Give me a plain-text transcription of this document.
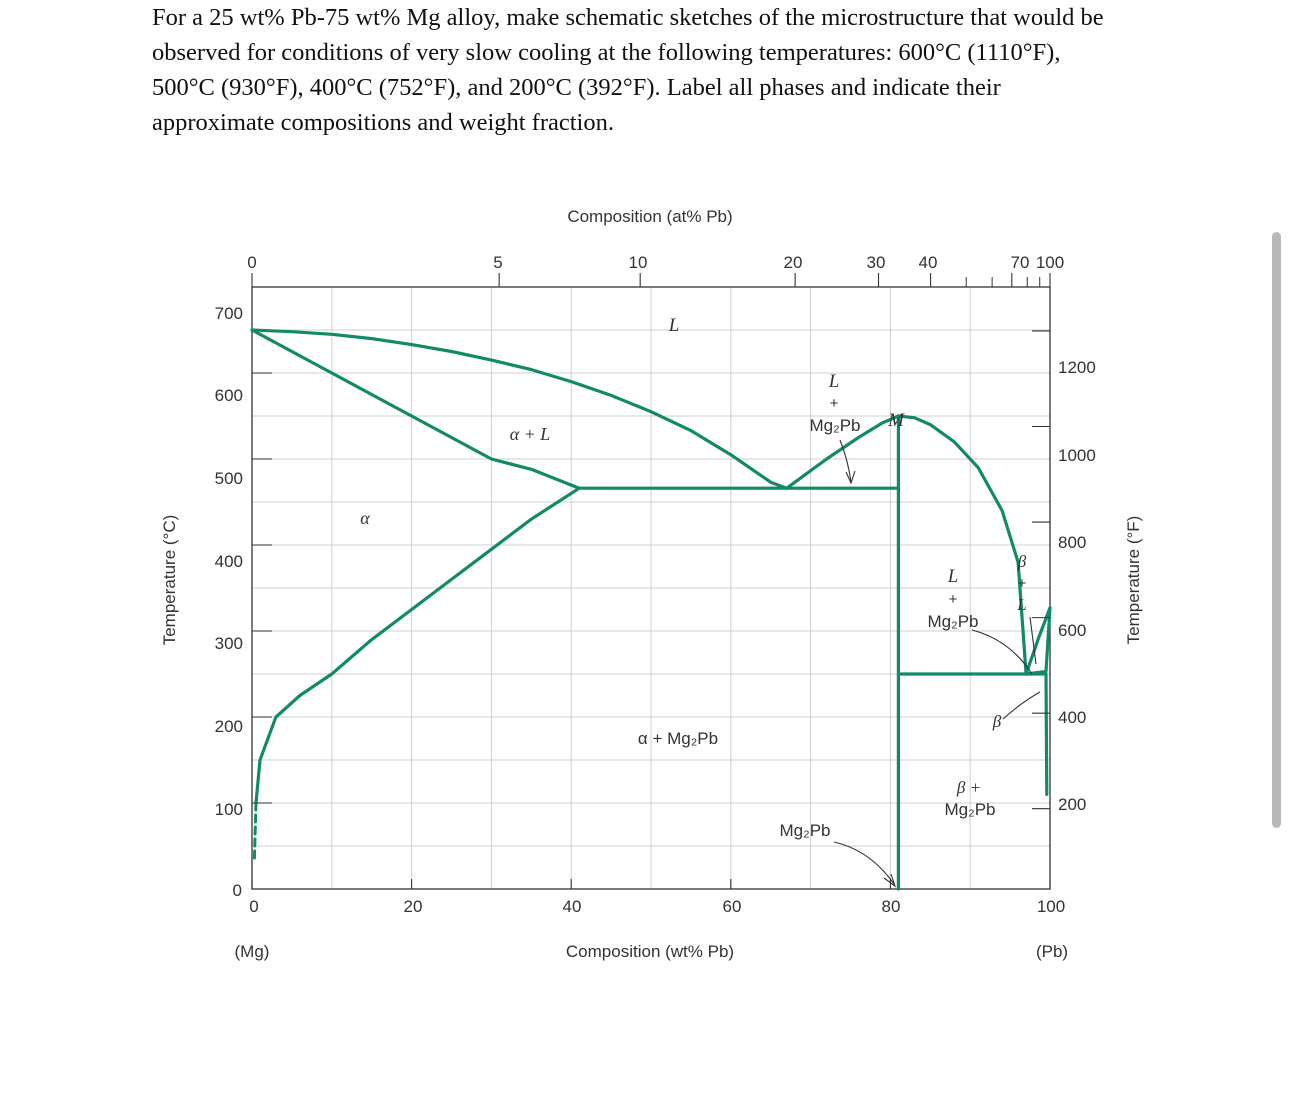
For a 25 wt% Pb-75 wt% Mg alloy, make schematic sketches of the microstructure that would be

observed for conditions of very slow cooling at the following temperatures: 600°C (1110°F),

500°C (930°F), 400°C (752°F), and 200°C (392°F). Label all phases and indicate their

approximate compositions and weight fraction.

Composition (at% Pb)
Composition (wt% Pb)
Temperature (°C)	Temperature (°F)
(Mg)	(Pb)
0	20	40	60	80	100
0	5	10	20	30 40	70 100
0
100
200
300
400
500
600
700
200
400
600
800
1000
1200
L
α + L
α
L
+
Mg₂Pb M
α + Mg₂Pb
Mg₂Pb
L
+
Mg₂Pb
β
+
L
β
β +
Mg₂Pb
